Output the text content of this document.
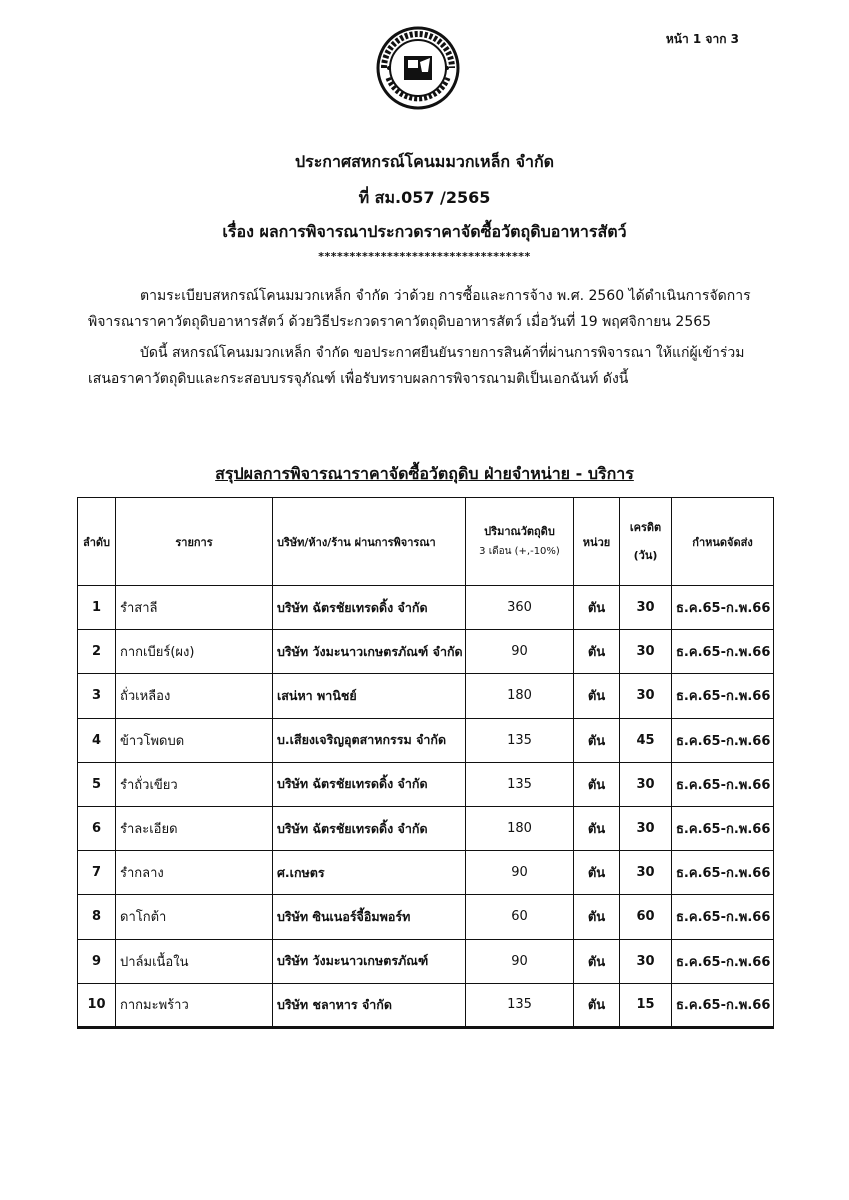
หน้า 1 จาก 3
ประกาศสหกรณ์โคนมมวกเหล็ก จำกัด
ที่ สม.057 /2565
เรื่อง ผลการพิจารณาประกวดราคาจัดซื้อวัตถุดิบอาหารสัตว์
**********************************
ตามระเบียบสหกรณ์โคนมมวกเหล็ก จำกัด ว่าด้วย การซื้อและการจ้าง พ.ศ. 2560 ได้ดำเนินการจัดการพิจารณาราคาวัตถุดิบอาหารสัตว์ ด้วยวิธีประกวดราคาวัตถุดิบอาหารสัตว์ เมื่อวันที่ 19 พฤศจิกายน 2565
บัดนี้ สหกรณ์โคนมมวกเหล็ก จำกัด ขอประกาศยืนยันรายการสินค้าที่ผ่านการพิจารณา ให้แก่ผู้เข้าร่วมเสนอราคาวัตถุดิบและกระสอบบรรจุภัณฑ์ เพื่อรับทราบผลการพิจารณามติเป็นเอกฉันท์ ดังนี้
สรุปผลการพิจารณาราคาจัดซื้อวัตถุดิบ ฝ่ายจำหน่าย - บริการ
ลำดับ	รายการ	บริษัท/ห้าง/ร้าน ผ่านการพิจารณา	ปริมาณวัตถุดิบ
3 เดือน (+,-10%)	หน่วย	เครดิต
(วัน)	กำหนดจัดส่ง
1	รำสาลี	บริษัท ฉัตรชัยเทรดดิ้ง จำกัด	360	ตัน	30	ธ.ค.65-ก.พ.66
2	กากเบียร์(ผง)	บริษัท วังมะนาวเกษตรภัณฑ์ จำกัด	90	ตัน	30	ธ.ค.65-ก.พ.66
3	ถั่วเหลือง	เสน่หา พานิชย์	180	ตัน	30	ธ.ค.65-ก.พ.66
4	ข้าวโพดบด	บ.เสียงเจริญอุตสาหกรรม จำกัด	135	ตัน	45	ธ.ค.65-ก.พ.66
5	รำถั่วเขียว	บริษัท ฉัตรชัยเทรดดิ้ง จำกัด	135	ตัน	30	ธ.ค.65-ก.พ.66
6	รำละเอียด	บริษัท ฉัตรชัยเทรดดิ้ง จำกัด	180	ตัน	30	ธ.ค.65-ก.พ.66
7	รำกลาง	ศ.เกษตร	90	ตัน	30	ธ.ค.65-ก.พ.66
8	ดาโกต้า	บริษัท ซินเนอร์จี้อิมพอร์ท	60	ตัน	60	ธ.ค.65-ก.พ.66
9	ปาล์มเนื้อใน	บริษัท วังมะนาวเกษตรภัณฑ์	90	ตัน	30	ธ.ค.65-ก.พ.66
10	กากมะพร้าว	บริษัท ชลาหาร จำกัด	135	ตัน	15	ธ.ค.65-ก.พ.66
